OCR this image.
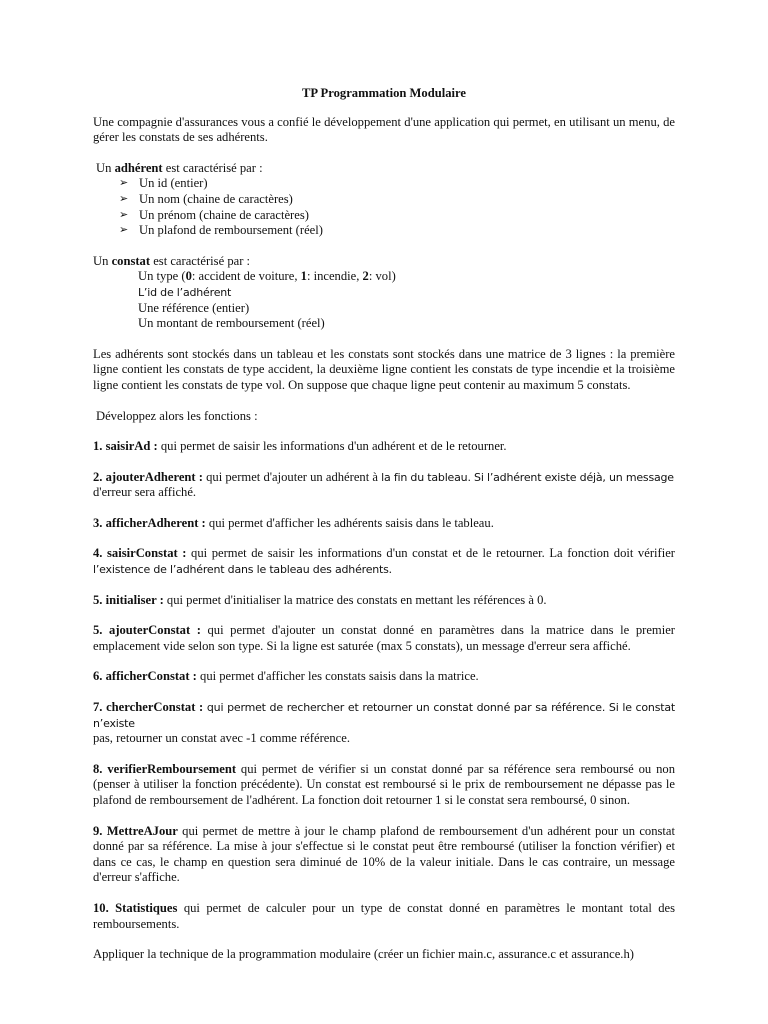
TP Programmation Modulaire

Une compagnie d'assurances vous a confié le développement d'une application qui permet, en utilisant un menu, de gérer les constats de ses adhérents.

Un adhérent est caractérisé par :

➢ Un id (entier)
➢ Un nom (chaine de caractères)
➢ Un prénom (chaine de caractères)
➢ Un plafond de remboursement (réel)

Un constat est caractérisé par :

Un type (0: accident de voiture, 1: incendie, 2: vol)

L’id de l’adhérent

Une référence (entier)

Un montant de remboursement (réel)

Les adhérents sont stockés dans un tableau et les constats sont stockés dans une matrice de 3 lignes : la première ligne contient les constats de type accident, la deuxième ligne contient les constats de type incendie et la troisième ligne contient les constats de type vol. On suppose que chaque ligne peut contenir au maximum 5 constats.

Développez alors les fonctions :

1. saisirAd : qui permet de saisir les informations d'un adhérent et de le retourner.

2. ajouterAdherent : qui permet d'ajouter un adhérent à la fin du tableau. Si l’adhérent existe déjà, un message
d'erreur sera affiché.

3. afficherAdherent : qui permet d'afficher les adhérents saisis dans le tableau.

4. saisirConstat : qui permet de saisir les informations d'un constat et de le retourner. La fonction doit vérifier l’existence de l’adhérent dans le tableau des adhérents.

5. initialiser : qui permet d'initialiser la matrice des constats en mettant les références à 0.

5. ajouterConstat : qui permet d'ajouter un constat donné en paramètres dans la matrice dans le premier emplacement vide selon son type. Si la ligne est saturée (max 5 constats), un message d'erreur sera affiché.

6. afficherConstat : qui permet d'afficher les constats saisis dans la matrice.

7. chercherConstat : qui permet de rechercher et retourner un constat donné par sa référence. Si le constat n’existe
pas, retourner un constat avec -1 comme référence.

8. verifierRemboursement qui permet de vérifier si un constat donné par sa référence sera remboursé ou non (penser à utiliser la fonction précédente). Un constat est remboursé si le prix de remboursement ne dépasse pas le plafond de remboursement de l'adhérent. La fonction doit retourner 1 si le constat sera remboursé, 0 sinon.

9. MettreAJour qui permet de mettre à jour le champ plafond de remboursement d'un adhérent pour un constat donné par sa référence. La mise à jour s'effectue si le constat peut être remboursé (utiliser la fonction vérifier) et dans ce cas, le champ en question sera diminué de 10% de la valeur initiale. Dans le cas contraire, un message d'erreur s'affiche.

10. Statistiques qui permet de calculer pour un type de constat donné en paramètres le montant total des remboursements.

Appliquer la technique de la programmation modulaire (créer un fichier main.c, assurance.c et assurance.h)
